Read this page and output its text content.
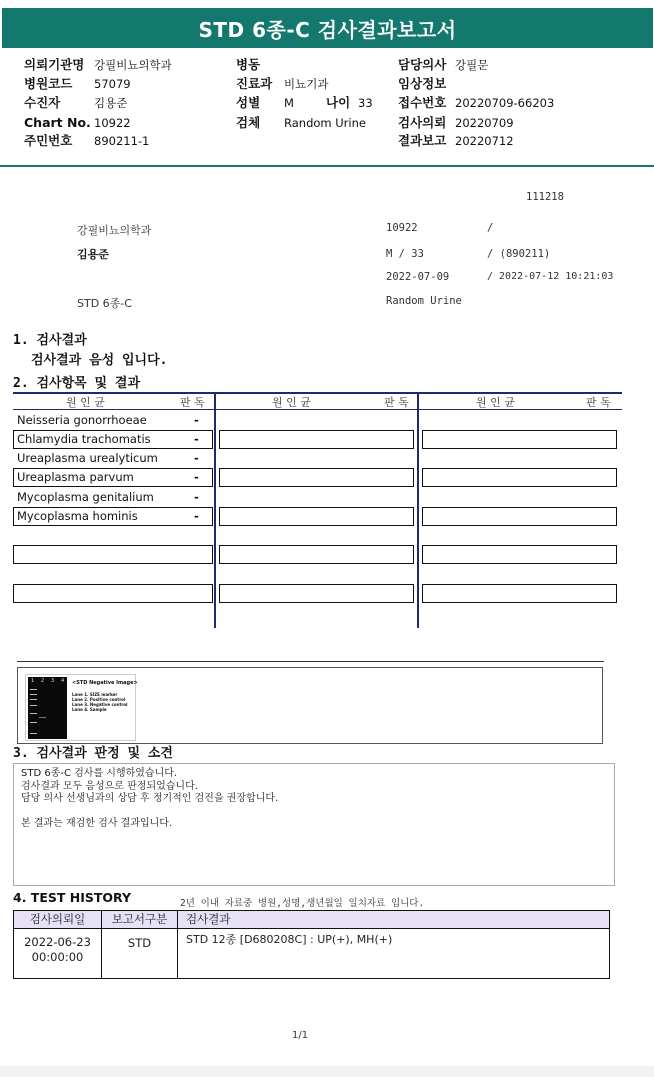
STD 6종-C 검사결과보고서
의뢰기관명 강필비뇨의학과
병원코드 57079
수진자	김용준
Chart No. 10922
주민번호 890211-1
병동
진료과 비뇨기과
성별 M	나이 33
검체 Random Urine
담당의사 강필문
임상정보
접수번호 20220709-66203
검사의뢰 20220709
결과보고 20220712
111218
강필비뇨의학과	10922	/
김용준	M / 33	/ (890211)
2022-07-09	/ 2022-07-12 10:21:03
STD 6종-C	Random Urine
1. 검사결과
검사결과 음성 입니다.
2. 검사항목 및 결과
원 인 균	판 독	원 인 균	판 독	원 인 균	판 독
Neisseria gonorrhoeae	-
Chlamydia trachomatis	-
Ureaplasma urealyticum	-
Ureaplasma parvum	-
Mycoplasma genitalium	-
Mycoplasma hominis	-
1 2 3 4 <STD Negative Image>
Lane 1. SIZE marker
Lane 2. Positive control
Lane 3. Negative control
Lane 4. Sample
3. 검사결과 판정 및 소견
STD 6종-C 검사를 시행하였습니다.
검사결과 모두 음성으로 판정되었습니다.
담당 의사 선생님과의 상담 후 정기적인 검진을 권장합니다.
본 결과는 재검한 검사 결과입니다.
4. TEST HISTORY	2년 이내 자료중 병원,성명,생년월일 일치자료 입니다.
검사의뢰일	보고서구분	검사결과
2022-06-23
00:00:00
STD	STD 12종 [D680208C] : UP(+), MH(+)
1/1
